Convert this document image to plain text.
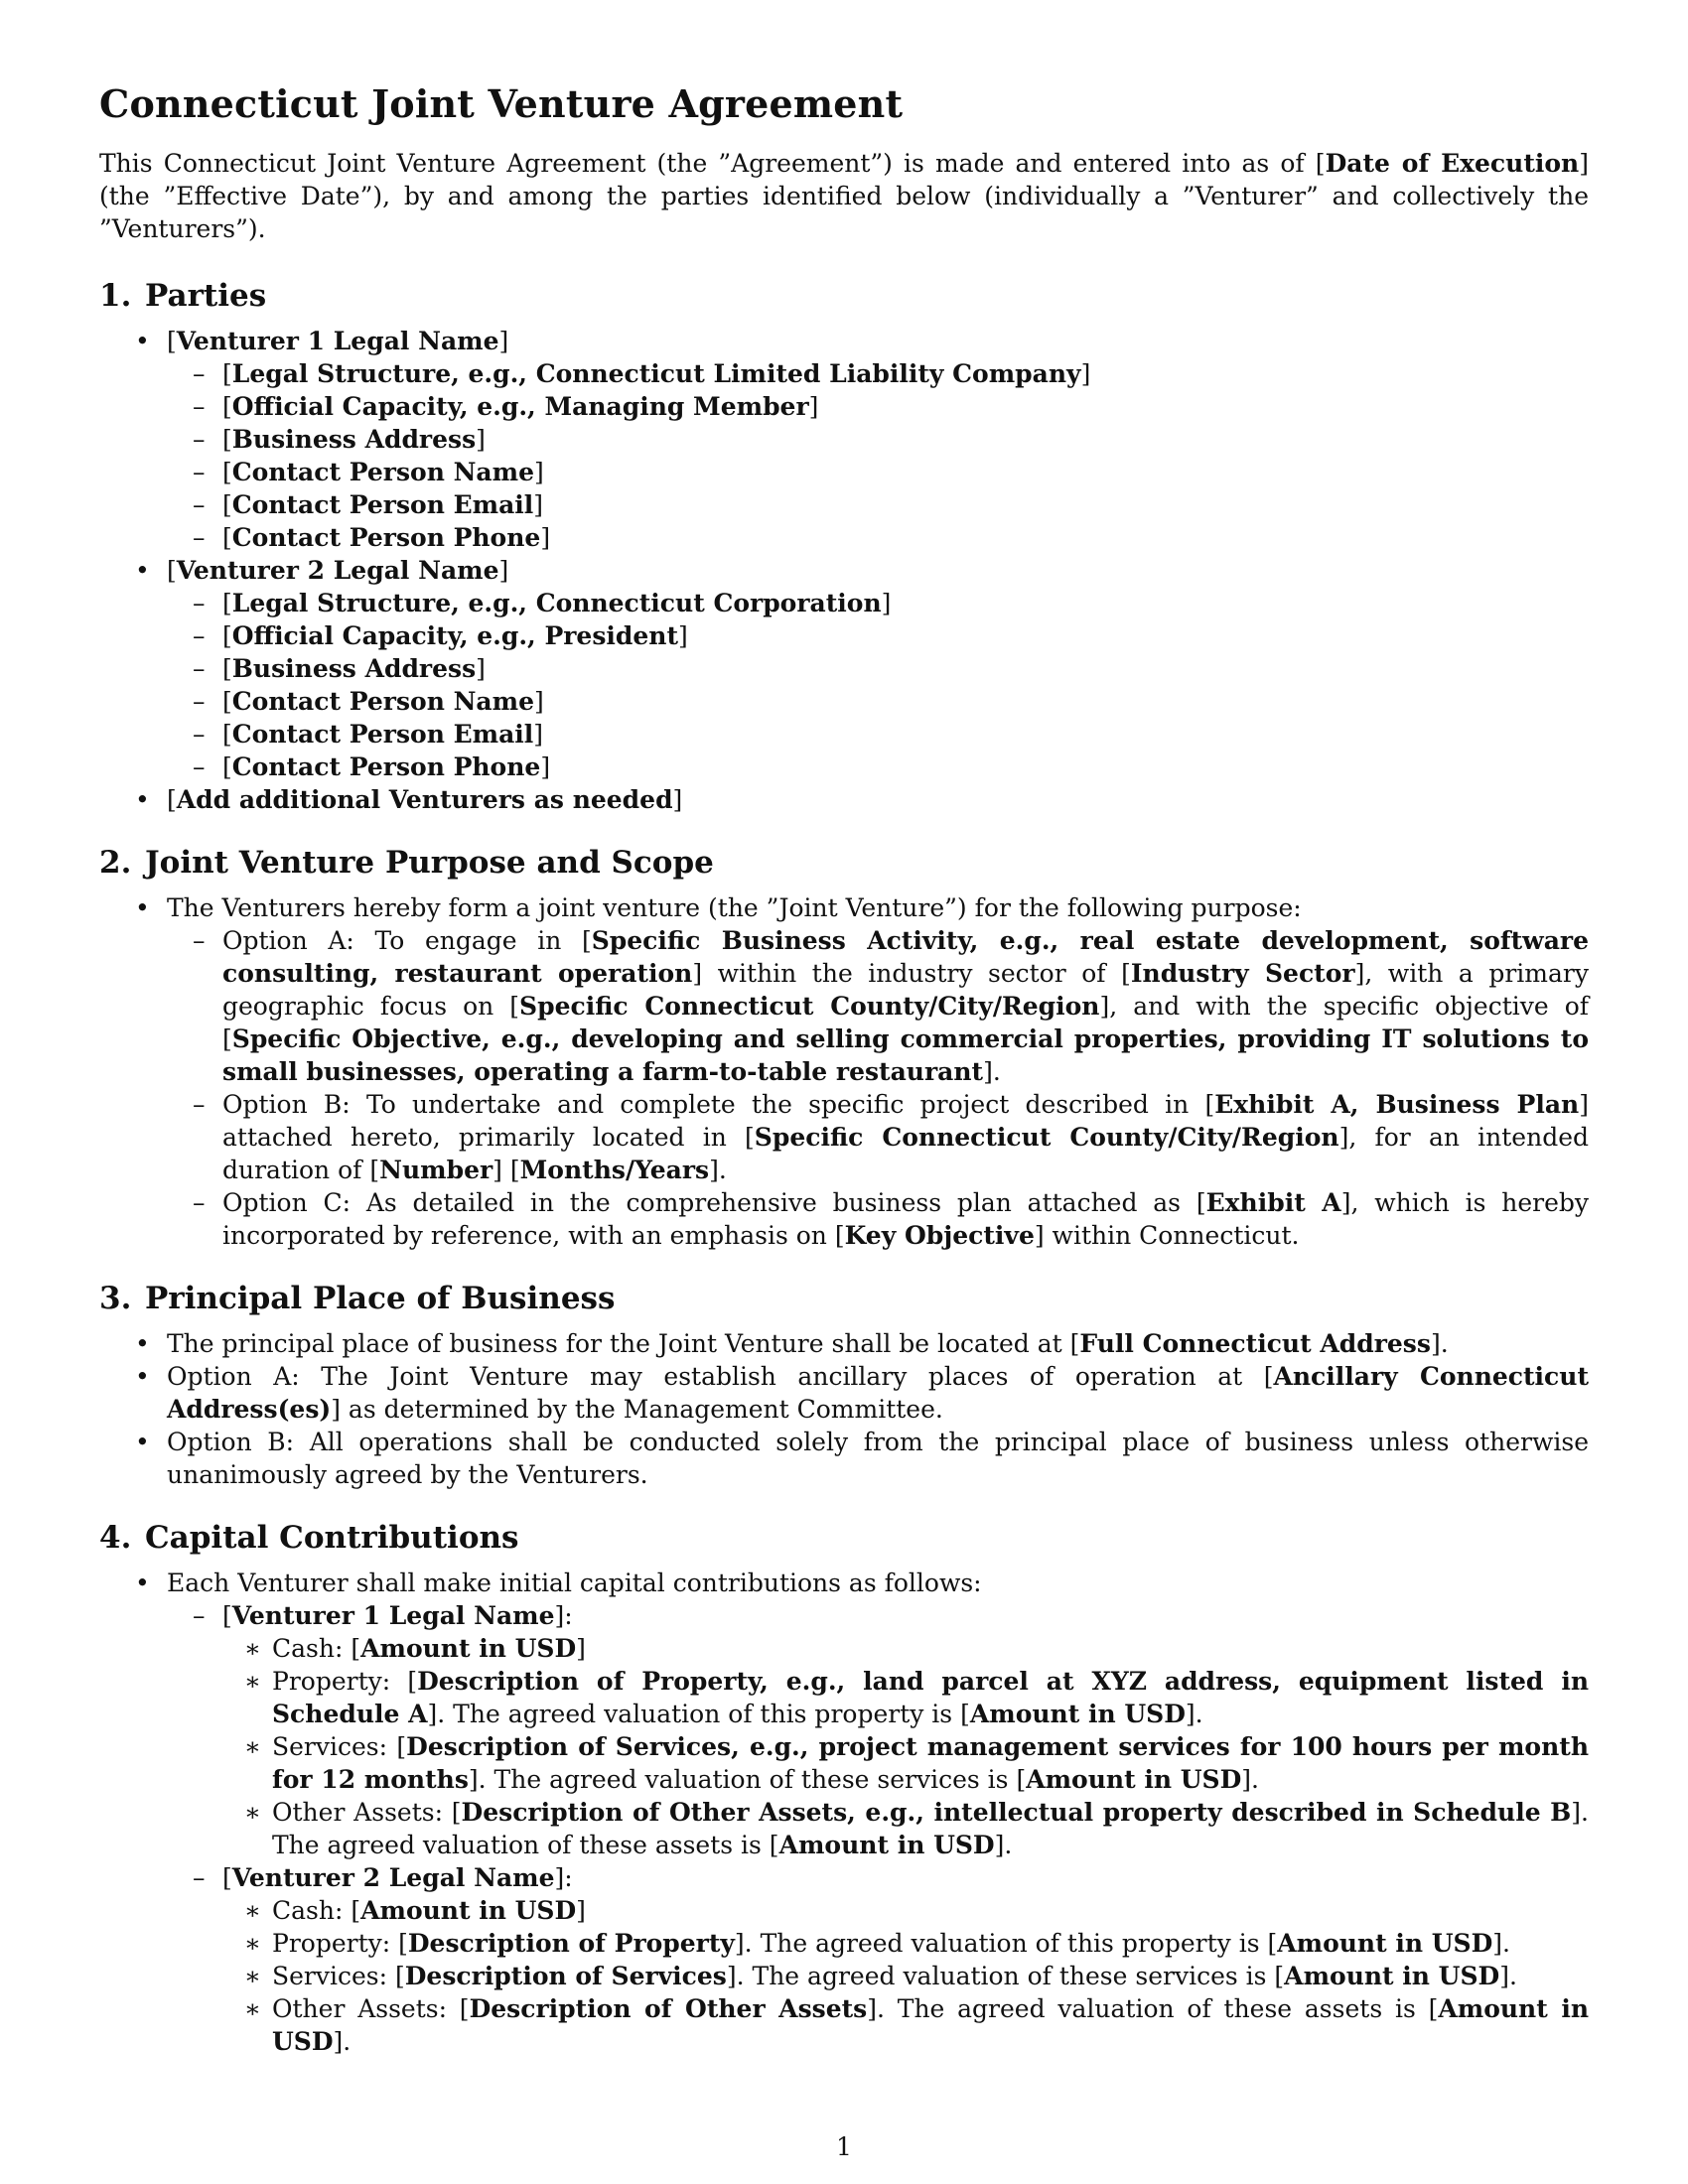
Connecticut Joint Venture Agreement

This Connecticut Joint Venture Agreement (the ”Agreement”) is made and entered into as of [Date of Execution] (the ”Effective Date”), by and among the parties identified below (individually a ”Venturer” and collectively the ”Venturers”).

1. Parties
• [Venturer 1 Legal Name]
– [Legal Structure, e.g., Connecticut Limited Liability Company]
– [Official Capacity, e.g., Managing Member]
– [Business Address]
– [Contact Person Name]
– [Contact Person Email]
– [Contact Person Phone]
• [Venturer 2 Legal Name]
– [Legal Structure, e.g., Connecticut Corporation]
– [Official Capacity, e.g., President]
– [Business Address]
– [Contact Person Name]
– [Contact Person Email]
– [Contact Person Phone]
• [Add additional Venturers as needed]
2. Joint Venture Purpose and Scope
• The Venturers hereby form a joint venture (the ”Joint Venture”) for the following purpose:
– Option A: To engage in [Specific Business Activity, e.g., real estate development, software consulting, restaurant operation] within the industry sector of [Industry Sector], with a primary geographic focus on [Specific Connecticut County/City/Region], and with the specific objective of [Specific Objective, e.g., developing and selling commercial properties, providing IT solutions to small businesses, operating a farm-to-table restaurant].
– Option B: To undertake and complete the specific project described in [Exhibit A, Business Plan] attached hereto, primarily located in [Specific Connecticut County/City/Region], for an intended duration of [Number] [Months/Years].
– Option C: As detailed in the comprehensive business plan attached as [Exhibit A], which is hereby incorporated by reference, with an emphasis on [Key Objective] within Connecticut.
3. Principal Place of Business
• The principal place of business for the Joint Venture shall be located at [Full Connecticut Address].
• Option A: The Joint Venture may establish ancillary places of operation at [Ancillary Connecticut Address(es)] as determined by the Management Committee.
• Option B: All operations shall be conducted solely from the principal place of business unless otherwise unanimously agreed by the Venturers.
4. Capital Contributions
• Each Venturer shall make initial capital contributions as follows:
– [Venturer 1 Legal Name]:
∗ Cash: [Amount in USD]
∗ Property: [Description of Property, e.g., land parcel at XYZ address, equipment listed in Schedule A]. The agreed valuation of this property is [Amount in USD].
∗ Services: [Description of Services, e.g., project management services for 100 hours per month for 12 months]. The agreed valuation of these services is [Amount in USD].
∗ Other Assets: [Description of Other Assets, e.g., intellectual property described in Schedule B]. The agreed valuation of these assets is [Amount in USD].
– [Venturer 2 Legal Name]:
∗ Cash: [Amount in USD]
∗ Property: [Description of Property]. The agreed valuation of this property is [Amount in USD].
∗ Services: [Description of Services]. The agreed valuation of these services is [Amount in USD].
∗ Other Assets: [Description of Other Assets]. The agreed valuation of these assets is [Amount in USD].
1
